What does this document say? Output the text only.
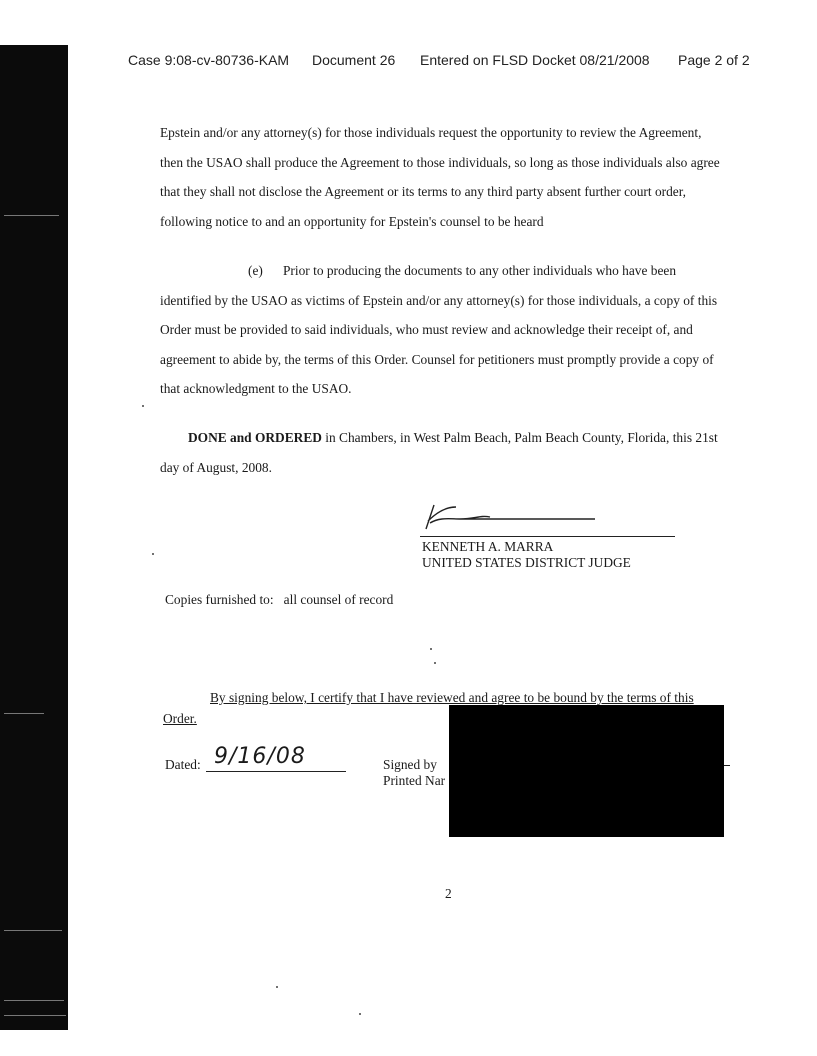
Case 9:08-cv-80736-KAM Document 26 Entered on FLSD Docket 08/21/2008 Page 2 of 2

Epstein and/or any attorney(s) for those individuals request the opportunity to review the Agreement, then the USAO shall produce the Agreement to those individuals, so long as those individuals also agree that they shall not disclose the Agreement or its terms to any third party absent further court order, following notice to and an opportunity for Epstein's counsel to be heard

(e) Prior to producing the documents to any other individuals who have been identified by the USAO as victims of Epstein and/or any attorney(s) for those individuals, a copy of this Order must be provided to said individuals, who must review and acknowledge their receipt of, and agreement to abide by, the terms of this Order. Counsel for petitioners must promptly provide a copy of that acknowledgment to the USAO.

DONE and ORDERED in Chambers, in West Palm Beach, Palm Beach County, Florida, this 21st day of August, 2008.

KENNETH A. MARRA
UNITED STATES DISTRICT JUDGE
Copies furnished to: all counsel of record
By signing below, I certify that I have reviewed and agree to be bound by the terms of this Order.
Dated: 9/16/08	Signed by
Printed Nar
2
